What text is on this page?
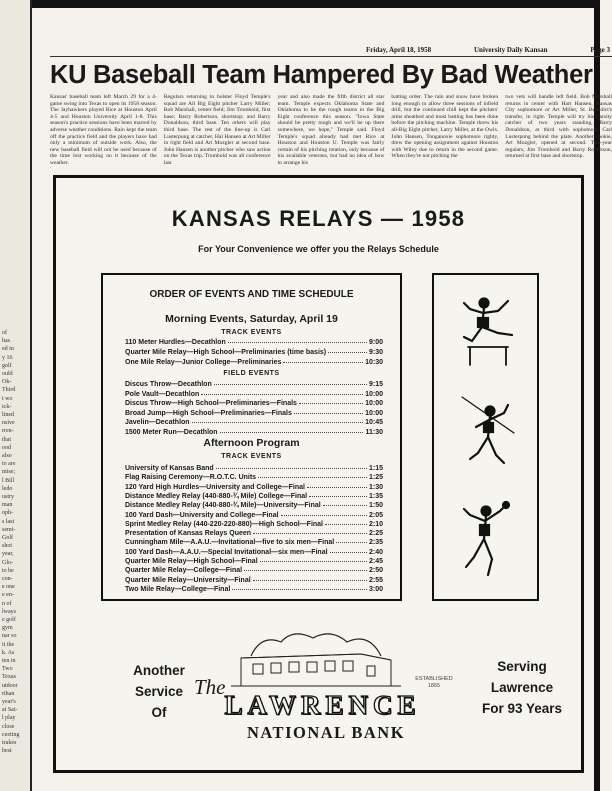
of
has
ed in
y 16
golf
ould
Ok-
Third
t wo
ick-
lined
nsive
rren-
that
ood
also
to are
mise;
l Bill
ledo
ustry
man
oph-
s last
semi-
Golf
shot
year,
Glo-
to be
con-
e one
e en-
n of
lways
e golf
gym
nar so
it the
k. As
ten in
Two
Texas
utdoor
rthan
year's
at Sat-
l play
close
ceeting
trakes
best
Friday, April 18, 1958	University Daily Kansan	Page 3
KU Baseball Team Hampered By Bad Weather
Kansas' baseball team left March 29 for a 4-game swing into Texas to open its 1958 season. The Jayhawkers played Rice at Houston April 4-5 and Houston University April 1-8. This season's practice sessions have been marred by adverse weather conditions. Rain kept the team off the practice field and the players have had only a minimum of outside work. Also, the new baseball field will not be used because of the time lost working on it because of the weather.
Regulars returning to bolster Floyd Temple's squad are All Big Eight pitcher Larry Miller; Bob Marshall, center field; Jim Trombold, first base; Barry Robertson, shortstop; and Barry Donaldson, third base. Ten others will play third base. The rest of the line-up is Carl Lusterpung at catcher, Hal Hansen at Art Miller in right field and Art Mozgler at second base. John Hansen is another pitcher who saw action on the Texas trip. Trombold was all conference last
year and also made the fifth district all star team. Temple expects Oklahoma State and Oklahoma to be the rough teams in the Big Eight conference this season. "Iowa State should be pretty tough and we'll be up there somewhere, we hope," Temple said. Floyd Temple's squad already had met Rice at Houston and Houston U. Temple was fairly certain of his pitching rotation, only because of his available veterans, but had no idea of how to arrange his
batting order. The rain and snow have broken long enough to allow three sessions of infield drill, but the continued chill kept the pitchers' arms sheathed and most batting has been done before the pitching machine. Temple threw his all-Big Eight pitcher, Larry Miller, at the Owls. John Hansen, Tonganoxie sophomore righty, drew the opening assignment against Houston with Wiley due to return in the second game. When they're not pitching the
two vets will handle left field. Bob Marshall returns in center with Hart Hansen, Kansas City sophomore or Art Miller, St. Benedict's transfer, in right. Temple will try his varsity catcher of two years standing, Barry Donaldson, at third with sophomore Carl Lusterpung behind the plate. Another rookie, Art Mozgler, opened at second. Two-year regulars, Jim Trombold and Barry Robertson, returned at first base and shortstop.
KANSAS RELAYS — 1958
For Your Convenience we offer you the Relays Schedule
ORDER OF EVENTS AND TIME SCHEDULE
Morning Events, Saturday, April 19
TRACK EVENTS
FIELD EVENTS
Afternoon Program
TRACK EVENTS
110 Meter Hurdles—Decathlon	9:00
Quarter Mile Relay—High School—Preliminaries (time basis)	9:30
One Mile Relay—Junior College—Preliminaries	10:30
Discus Throw—Decathlon	9:15
Pole Vault—Decathlon	10:00
Discus Throw—High School—Preliminaries—Finals	10:00
Broad Jump—High School—Preliminaries—Finals	10:00
Javelin—Decathlon	10:45
1500 Meter Run—Decathlon	11:30
University of Kansas Band	1:15
Flag Raising Ceremony—R.O.T.C. Units	1:25
120 Yard High Hurdles—University and College—Final	1:30
Distance Medley Relay (440-880-¾ Mile) College—Final	1:35
Distance Medley Relay (440-880-¾ Mile)—University—Final	1:50
100 Yard Dash—University and College—Final	2:05
Sprint Medley Relay (440-220-220-880)—High School—Final	2:10
Presentation of Kansas Relays Queen	2:25
Cunningham Mile—A.A.U.—Invitational—five to six men—Final	2:35
100 Yard Dash—A.A.U.—Special Invitational—six men—Final	2:40
Quarter Mile Relay—High School—Final	2:45
Quarter Mile Relay—College—Final	2:50
Quarter Mile Relay—University—Final	2:55
Two Mile Relay—College—Final	3:00
Another
Service
Of
Serving
Lawrence
For 93 Years
The	ESTABLISHED
1865
LAWRENCE
NATIONAL BANK
